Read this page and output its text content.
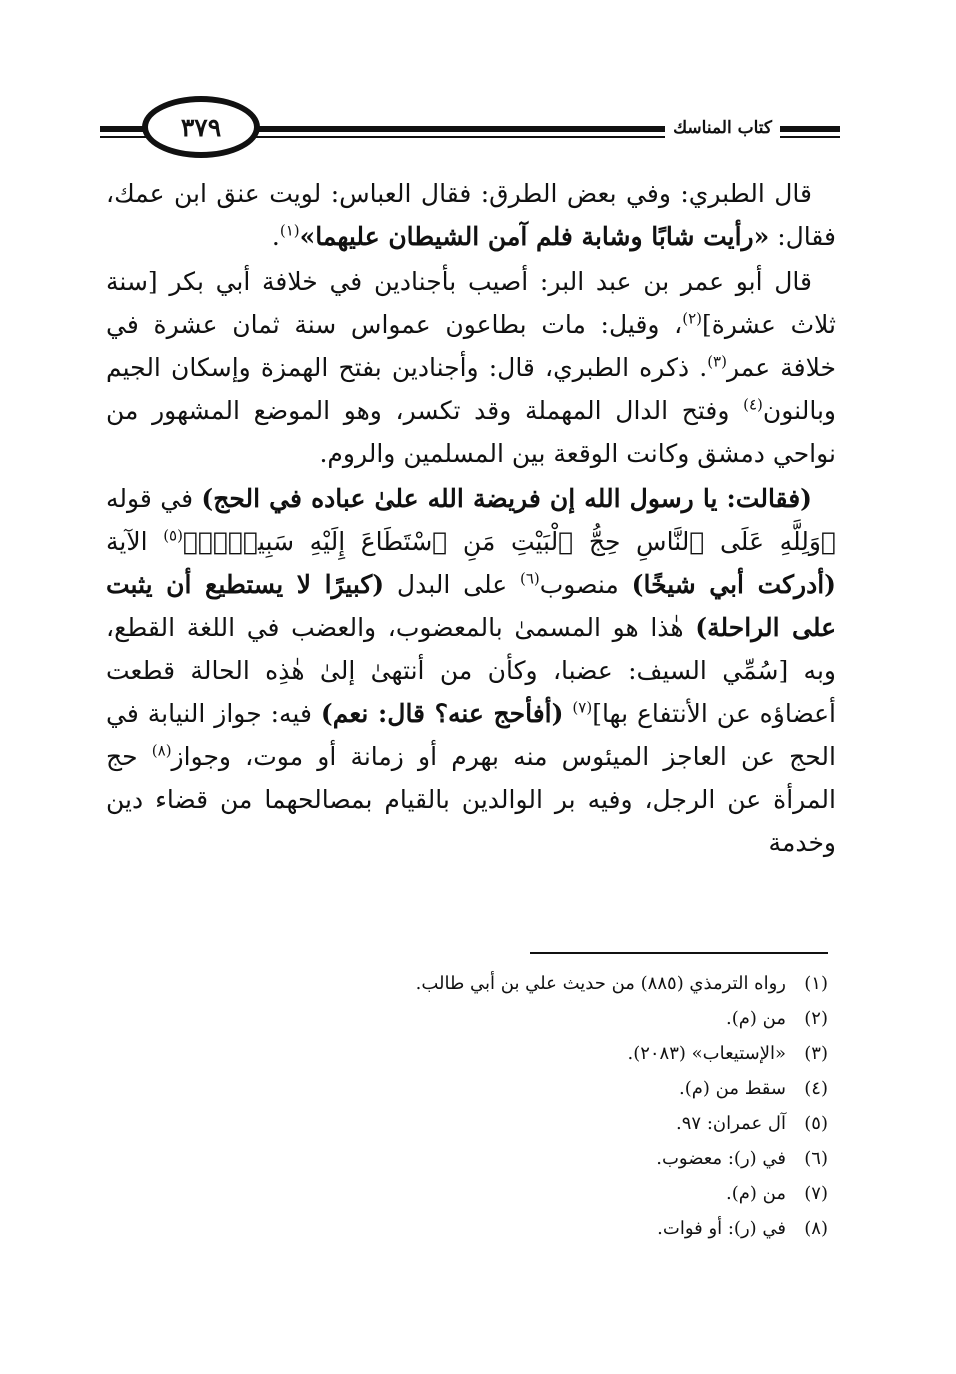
كتاب المناسك
٣٧٩

قال الطبري: وفي بعض الطرق: فقال العباس: لويت عنق ابن عمك، فقال: «رأيت شابًا وشابة فلم آمن الشيطان عليهما»$^{(١)}$.

قال أبو عمر بن عبد البر: أصيب بأجنادين في خلافة أبي بكر [سنة ثلاث عشرة]$^{(٢)}$، وقيل: مات بطاعون عمواس سنة ثمان عشرة في خلافة عمر$^{(٣)}$. ذكره الطبري، قال: وأجنادين بفتح الهمزة وإسكان الجيم وبالنون$^{(٤)}$ وفتح الدال المهملة وقد تكسر، وهو الموضع المشهور من نواحي دمشق وكانت الوقعة بين المسلمين والروم.

(فقالت: يا رسول الله إن فريضة الله علىٰ عباده في الحج) في قوله ﴿وَلِلَّهِ عَلَى ٱلنَّاسِ حِجُّ ٱلْبَيْتِ مَنِ ٱسْتَطَاعَ إِلَيْهِ سَبِيلًاۚ﴾$^{(٥)}$ الآية (أدركت أبي شيخًا) منصوب$^{(٦)}$ على البدل (كبيرًا لا يستطيع أن يثبت على الراحلة) هٰذا هو المسمىٰ بالمعضوب، والعضب في اللغة القطع، وبه [سُمِّي السيف: عضبا، وكأن من أنتهىٰ إلىٰ هٰذِه الحالة قطعت أعضاؤه عن الأنتفاع بها]$^{(٧)}$ (أفأحج عنه؟ قال: نعم) فيه: جواز النيابة في الحج عن العاجز الميئوس منه بهرم أو زمانة أو موت، وجواز$^{(٨)}$ حج المرأة عن الرجل، وفيه بر الوالدين بالقيام بمصالحهما من قضاء دين وخدمة

(١)رواه الترمذي (٨٨٥) من حديث علي بن أبي طالب.
(٢)من (م).
(٣)«الإستيعاب» (٢٠٨٣).
(٤)سقط من (م).
(٥)آل عمران: ٩٧.
(٦)في (ر): معضوب.
(٧)من (م).
(٨)في (ر): أو فوات.
